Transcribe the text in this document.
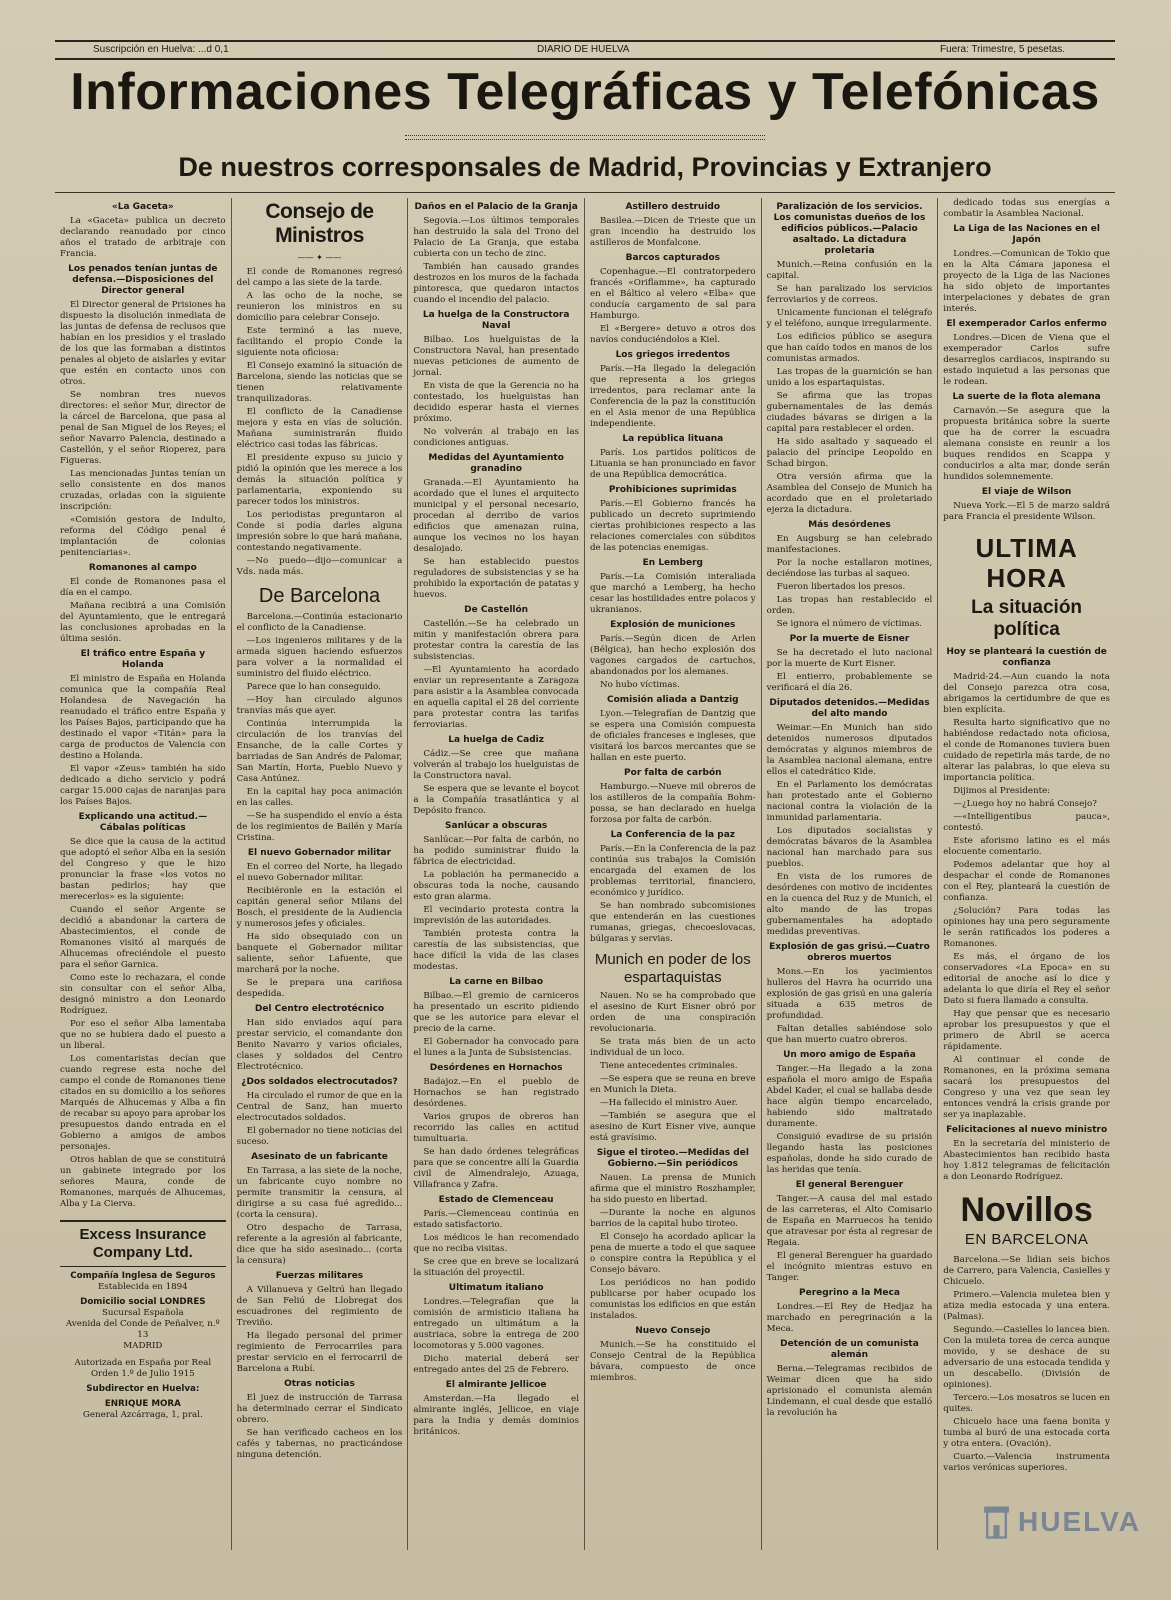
Suscripción en Huelva: ...d 0,1	DIARIO DE HUELVA	Fuera: Trimestre, 5 pesetas.
Informaciones Telegráficas y Telefónicas
De nuestros corresponsales de Madrid, Provincias y Extranjero
«La Gaceta»

La «Gaceta» publica un decreto declarando reanudado por cinco años el tratado de arbitraje con Francia.

Los penados tenían juntas de defensa.—Disposiciones del Director general

El Director general de Prisiones ha dispuesto la disolución inmediata de las juntas de defensa de reclusos que habían en los presidios y el traslado de los que las formaban a distintos penales al objeto de aislarles y evitar que estén en contacto unos con otros.

Se nombran tres nuevos directores: el señor Mur, director de la cárcel de Barcelona, que pasa al penal de San Miguel de los Reyes; el señor Navarro Palencia, destinado a Castellón, y el señor Rioperez, para Figueras.

Las mencionadas Juntas tenían un sello consistente en dos manos cruzadas, orladas con la siguiente inscripción:

«Comisión gestora de Indulto, reforma del Código penal é implantación de colonias penitenciarias».

Romanones al campo

El conde de Romanones pasa el día en el campo.

Mañana recibirá a una Comisión del Ayuntamiento, que le entregará las conclusiones aprobadas en la última sesión.

El tráfico entre España y Holanda

El ministro de España en Holanda comunica que la compañía Real Holandesa de Navegación ha reanudado el tráfico entre España y los Países Bajos, participando que ha destinado el vapor «Titán» para la carga de productos de Valencia con destino a Holanda.

El vapor «Zeus» también ha sido dedicado a dicho servicio y podrá cargar 15.000 cajas de naranjas para los Países Bajos.

Explicando una actitud.—Cábalas políticas

Se dice que la causa de la actitud que adoptó el señor Alba en la sesión del Congreso y que le hizo pronunciar la frase «los votos no bastan pedirlos; hay que merecerlos» es la siguiente:

Cuando el señor Argente se decidió a abandonar la cartera de Abastecimientos, el conde de Romanones visitó al marqués de Alhucemas ofreciéndole el puesto para el señor Garnica.

Como este lo rechazara, el conde sin consultar con el señor Alba, designó ministro a don Leonardo Rodríguez.

Por eso el señor Alba lamentaba que no se hubiera dado el puesto a un liberal.

Los comentaristas decían que cuando regrese esta noche del campo el conde de Romanones tiene citados en su domicilio a los señores Marqués de Alhucemas y Alba a fin de recabar su apoyo para aprobar los presupuestos dando entrada en el Gobierno a amigos de ambos personajes.

Otros hablan de que se constituirá un gabinete integrado por los señores Maura, conde de Romanones, marqués de Alhucemas, Alba y La Cierva.

Excess Insurance Company Ltd.
Compañía Inglesa de Seguros
Establecida en 1894
Domicilio social LONDRES
Sucursal Española
Avenida del Conde de Peñalver, n.º 13
MADRID
Autorizada en España por Real Orden 1.º de Julio 1915
Subdirector en Huelva:
ENRIQUE MORA
General Azcárraga, 1, pral.
Consejo de Ministros
—— ✦ ——

El conde de Romanones regresó del campo a las siete de la tarde.

A las ocho de la noche, se reunieron los ministros en su domicilio para celebrar Consejo.

Este terminó a las nueve, facilitando el propio Conde la siguiente nota oficiosa:

El Consejo examinó la situación de Barcelona, siendo las noticias que se tienen relativamente tranquilizadoras.

El conflicto de la Canadiense mejora y esta en vías de solución. Mañana suministrarán fluido eléctrico casi todas las fábricas.

El presidente expuso su juicio y pidió la opinión que les merece a los demás la situación política y parlamentaria, exponiendo su parecer todos los ministros.

Los periodistas preguntaron al Conde si podía darles alguna impresión sobre lo que hará mañana, contestando negativamente.

—No puedo—dijo—comunicar a Vds. nada más.

De Barcelona

Barcelona.—Continúa estacionario el conflicto de la Canadiense.

—Los ingenieros militares y de la armada siguen haciendo esfuerzos para volver a la normalidad el suministro del fluido eléctrico.

Parece que lo han conseguido.

—Hoy han circulado algunos tranvías más que ayer.

Continúa interrumpida la circulación de los tranvías del Ensanche, de la calle Cortes y barriadas de San Andrés de Palomar, San Martín, Horta, Pueblo Nuevo y Casa Antúnez.

En la capital hay poca animación en las calles.

—Se ha suspendido el envío a ésta de los regimientos de Bailén y María Cristina.

El nuevo Gobernador militar

En el correo del Norte, ha llegado el nuevo Gobernador militar.

Recibiéronle en la estación el capitán general señor Milans del Bosch, el presidente de la Audiencia y numerosos jefes y oficiales.

Ha sido obsequiado con un banquete el Gobernador militar saliente, señor Lafuente, que marchará por la noche.

Se le prepara una cariñosa despedida.

Del Centro electrotécnico

Han sido enviados aquí para prestar servicio, el comandante don Benito Navarro y varios oficiales, clases y soldados del Centro Electrotécnico.

¿Dos soldados electrocutados?

Ha circulado el rumor de que en la Central de Sanz, han muerto electrocutados soldados.

El gobernador no tiene noticias del suceso.

Asesinato de un fabricante

En Tarrasa, a las siete de la noche, un fabricante cuyo nombre no permite transmitir la censura, al dirigirse a su casa fué agredido... (corta la censura).

Otro despacho de Tarrasa, referente a la agresión al fabricante, dice que ha sido asesinado... (corta la censura)

Fuerzas militares

A Villanueva y Geltrú han llegado de San Feliú de Llobregat dos escuadrones del regimiento de Treviño.

Ha llegado personal del primer regimiento de Ferrocarriles para prestar servicio en el ferrocarril de Barcelona a Rubí.

Otras noticias

El juez de instrucción de Tarrasa ha determinado cerrar el Sindicato obrero.

Se han verificado cacheos en los cafés y tabernas, no practicándose ninguna detención.

Daños en el Palacio de la Granja

Segovia.—Los últimos temporales han destruido la sala del Trono del Palacio de La Granja, que estaba cubierta con un techo de zinc.

También han causado grandes destrozos en los muros de la fachada pintoresca, que quedaron intactos cuando el incendio del palacio.

La huelga de la Constructora Naval

Bilbao. Los huelguistas de la Constructora Naval, han presentado nuevas peticiones de aumento de jornal.

En vista de que la Gerencia no ha contestado, los huelguistas han decidido esperar hasta el viernes próximo.

No volverán al trabajo en las condiciones antiguas.

Medidas del Ayuntamiento granadino

Granada.—El Ayuntamiento ha acordado que el lunes el arquitecto municipal y el personal necesario, procedan al derribo de varios edificios que amenazan ruina, aunque los vecinos no los hayan desalojado.

Se han establecido puestos reguladores de subsistencias y se ha prohibido la exportación de patatas y huevos.

De Castellón

Castellón.—Se ha celebrado un mitin y manifestación obrera para protestar contra la carestía de las subsistencias.

—El Ayuntamiento ha acordado enviar un representante a Zaragoza para asistir a la Asamblea convocada en aquella capital el 28 del corriente para protestar contra las tarifas ferroviarias.

La huelga de Cadiz

Cádiz.—Se cree que mañana volverán al trabajo los huelguistas de la Constructora naval.

Se espera que se levante el boycot a la Compañía trasatlántica y al Depósito franco.

Sanlúcar a obscuras

Sanlúcar.—Por falta de carbón, no ha podido suministrar fluido la fábrica de electricidad.

La población ha permanecido a obscuras toda la noche, causando esto gran alarma.

El vecindario protesta contra la imprevisión de las autoridades.

También protesta contra la carestía de las subsistencias, que hace difícil la vida de las clases modestas.

La carne en Bilbao

Bilbao.—El gremio de carniceros ha presentado un escrito pidiendo que se les autorice para elevar el precio de la carne.

El Gobernador ha convocado para el lunes a la Junta de Subsistencias.

Desórdenes en Hornachos

Badajoz.—En el pueblo de Hornachos se han registrado desórdenes.

Varios grupos de obreros han recorrido las calles en actitud tumultuaria.

Se han dado órdenes telegráficas para que se concentre allí la Guardia civil de Almendralejo, Azuaga, Villafranca y Zafra.

Estado de Clemenceau

París.—Clemenceau continúa en estado satisfactorio.

Los médicos le han recomendado que no reciba visitas.

Se cree que en breve se localizará la situación del proyectil.

Ultimatum italiano

Londres.—Telegrafían que la comisión de armisticio italiana ha entregado un ultimátum a la austriaca, sobre la entrega de 200 locomotoras y 5.000 vagones.

Dicho material deberá ser entregado antes del 25 de Febrero.

El almirante Jellicoe

Amsterdan.—Ha llegado el almirante inglés, Jellicoe, en viaje para la India y demás dominios británicos.

Astillero destruido

Basilea.—Dicen de Trieste que un gran incendio ha destruido los astilleros de Monfalcone.

Barcos capturados

Copenhague.—El contratorpedero francés «Oriflamme», ha capturado en el Báltico al velero «Elba» que conducía cargamento de sal para Hamburgo.

El «Bergere» detuvo a otros dos navíos conduciéndolos a Kiel.

Los griegos irredentos

París.—Ha llegado la delegación que representa a los griegos irredentos, para reclamar ante la Conferencia de la paz la constitución en el Asia menor de una República independiente.

La república lituana

París. Los partidos políticos de Lituania se han pronunciado en favor de una República democrática.

Prohibiciones suprimidas

París.—El Gobierno francés ha publicado un decreto suprimiendo ciertas prohibiciones respecto a las relaciones comerciales con súbditos de las potencias enemigas.

En Lemberg

París.—La Comisión interaliada que marchó a Lemberg, ha hecho cesar las hostilidades entre polacos y ukranianos.

Explosión de municiones

París.—Según dicen de Arlen (Bélgica), han hecho explosión dos vagones cargados de cartuchos, abandonados por los alemanes.

No hubo víctimas.

Comisión aliada a Dantzig

Lyon.—Telegrafían de Dantzig que se espera una Comisión compuesta de oficiales franceses e ingleses, que visitará los barcos mercantes que se hallan en este puerto.

Por falta de carbón

Hamburgo.—Nueve mil obreros de los astilleros de la compañía Bohm-possa, se han declarado en huelga forzosa por falta de carbón.

La Conferencia de la paz

París.—En la Conferencia de la paz continúa sus trabajos la Comisión encargada del examen de los problemas territorial, financiero, económico y jurídico.

Se han nombrado subcomisiones que entenderán en las cuestiones rumanas, griegas, checoeslovacas, búlgaras y servias.

Munich en poder de los espartaquistas

Nauen. No se ha comprobado que el asesino de Kurt Eisner obró por orden de una conspiración revolucionaria.

Se trata más bien de un acto individual de un loco.

Tiene antecedentes criminales.

—Se espera que se reuna en breve en Munich la Dieta.

—Ha fallecido el ministro Auer.

—También se asegura que el asesino de Kurt Eisner vive, aunque está gravísimo.

Sigue el tiroteo.—Medidas del Gobierno.—Sin periódicos

Nauen. La prensa de Munich afirma que el ministro Roszhampler, ha sido puesto en libertad.

—Durante la noche en algunos barrios de la capital hubo tiroteo.

El Consejo ha acordado aplicar la pena de muerte a todo el que saquee o conspire contra la República y el Consejo bávaro.

Los periódicos no han podido publicarse por haber ocupado los comunistas los edificios en que están instalados.

Nuevo Consejo

Munich.—Se ha constituido el Consejo Central de la República bávara, compuesto de once miembros.

Paralización de los servicios. Los comunistas dueños de los edificios públicos.—Palacio asaltado. La dictadura proletaria

Munich.—Reina confusión en la capital.

Se han paralizado los servicios ferroviarios y de correos.

Unicamente funcionan el telégrafo y el teléfono, aunque irregularmente.

Los edificios público se asegura que han caído todos en manos de los comunistas armados.

Las tropas de la guarnición se han unido a los espartaquistas.

Se afirma que las tropas gubernamentales de las demás ciudades bávaras se dirigen a la capital para restablecer el orden.

Ha sido asaltado y saqueado el palacio del príncipe Leopoldo en Schad birgon.

Otra versión afirma que la Asamblea del Consejo de Munich ha acordado que en el proletariado ejerza la dictadura.

Más desórdenes

En Augsburg se han celebrado manifestaciones.

Por la noche estallaron motines, deciéndose las turbas al saqueo.

Fueron libertados los presos.

Las tropas han restablecido el orden.

Se ignora el número de víctimas.

Por la muerte de Eisner

Se ha decretado el luto nacional por la muerte de Kurt Eisner.

El entierro, probablemente se verificará el día 26.

Diputados detenidos.—Medidas del alto mando

Weimar.—En Munich han sido detenidos numerosos diputados demócratas y algunos miembros de la Asamblea nacional alemana, entre ellos el catedrático Kide.

En el Parlamento los demócratas han protestado ante el Gobierno nacional contra la violación de la inmunidad parlamentaria.

Los diputados socialistas y demócratas bávaros de la Asamblea nacional han marchado para sus pueblos.

En vista de los rumores de desórdenes con motivo de incidentes en la cuenca del Ruz y de Munich, el alto mando de las tropas gubernamentales ha adoptado medidas preventivas.

Explosión de gas grisú.—Cuatro obreros muertos

Mons.—En los yacimientos hulleros del Havra ha ocurrido una explosión de gas grisú en una galería situada a 635 metros de profundidad.

Faltan detalles sabiéndose solo que han muerto cuatro obreros.

Un moro amigo de España

Tanger.—Ha llegado a la zona española el moro amigo de España Abdel Kader, el cual se hallaba desde hace algún tiempo encarcelado, habiendo sido maltratado duramente.

Consiguió evadirse de su prisión llegando hasta las posiciones españolas, donde ha sido curado de las heridas que tenía.

El general Berenguer

Tanger.—A causa del mal estado de las carreteras, el Alto Comisario de España en Marruecos ha tenido que atravesar por ésta al regresar de Regaia.

El general Berenguer ha guardado el incógnito mientras estuvo en Tanger.

Peregrino a la Meca

Londres.—El Rey de Hedjaz ha marchado en peregrinación a la Meca.

Detención de un comunista alemán

Berna.—Telegramas recibidos de Weimar dicen que ha sido aprisionado el comunista alemán Lindemann, el cual desde que estalló la revolución ha

dedicado todas sus energías a combatir la Asamblea Nacional.

La Liga de las Naciones en el Japón

Londres.—Comunican de Tokio que en la Alta Cámara japonesa el proyecto de la Liga de las Naciones ha sido objeto de importantes interpelaciones y debates de gran interés.

El exemperador Carlos enfermo

Londres.—Dicen de Viena que el exemperador Carlos sufre desarreglos cardiacos, inspirando su estado inquietud a las personas que le rodean.

La suerte de la flota alemana

Carnavón.—Se asegura que la propuesta británica sobre la suerte que ha de correr la escuadra alemana consiste en reunir a los buques rendidos en Scappa y conducirlos a alta mar, donde serán hundidos solemnemente.

El viaje de Wilson

Nueva York.—El 5 de marzo saldrá para Francia el presidente Wilson.

ULTIMA HORA
La situación política
Hoy se planteará la cuestión de confianza

Madrid-24.—Aun cuando la nota del Consejo parezca otra cosa, abrigamos la certidumbre de que es bien explícita.

Resulta harto significativo que no habiéndose redactado nota oficiosa, el conde de Romanones tuviera buen cuidado de repetirla más tarde, de no alterar las palabras, lo que eleva su importancia política.

Dijimos al Presidente:

—¿Luego hoy no habrá Consejo?

—«Intelligentibus pauca», contestó.

Este aforismo latino es el más elocuente comentario.

Podemos adelantar que hoy al despachar el conde de Romanones con el Rey, planteará la cuestión de confianza.

¿Solución? Para todas las opiniones hay una pero seguramente le serán ratificados los poderes a Romanones.

Es más, el órgano de los conservadores «La Epoca» en su editorial de anoche así lo dice y adelanta lo que diría el Rey el señor Dato si fuera llamado a consulta.

Hay que pensar que es necesario aprobar los presupuestos y que el primero de Abril se acerca rápidamente.

Al continuar el conde de Romanones, en la próxima semana sacará los presupuestos del Congreso y una vez que sean ley entonces vendrá la crisis grande por ser ya inaplazable.

Felicitaciones al nuevo ministro

En la secretaría del ministerio de Abastecimientos han recibido hasta hoy 1.812 telegramas de felicitación a don Leonardo Rodríguez.

Novillos
EN BARCELONA

Barcelona.—Se lidian seis bichos de Carrero, para Valencia, Casielles y Chicuelo.

Primero.—Valencia muletea bien y atiza media estocada y una entera. (Palmas).

Segundo.—Casielles lo lancea bien. Con la muleta torea de cerca aunque movido, y se deshace de su adversario de una estocada tendida y un descabello. (División de opiniones).

Tercero.—Los mosatros se lucen en quites.

Chicuelo hace una faena bonita y tumba al buró de una estocada corta y otra entera. (Ovación).

Cuarto.—Valencia instrumenta varios verónicas superiores.

HUELVA
